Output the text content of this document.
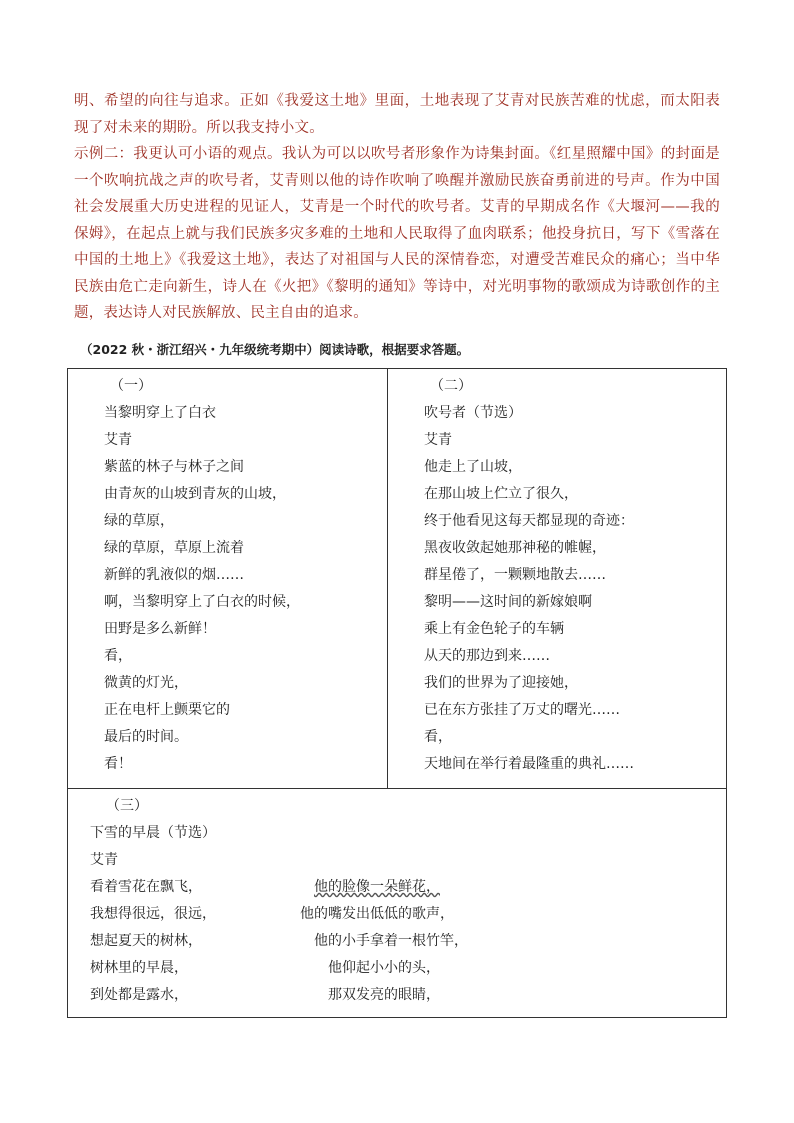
明、希望的向往与追求。正如《我爱这土地》里面，土地表现了艾青对民族苦难的忧虑，而太阳表现了对未来的期盼。所以我支持小文。

示例二：我更认可小语的观点。我认为可以以吹号者形象作为诗集封面。《红星照耀中国》的封面是一个吹响抗战之声的吹号者，艾青则以他的诗作吹响了唤醒并激励民族奋勇前进的号声。作为中国社会发展重大历史进程的见证人，艾青是一个时代的吹号者。艾青的早期成名作《大堰河——我的保姆》，在起点上就与我们民族多灾多难的土地和人民取得了血肉联系；他投身抗日，写下《雪落在中国的土地上》《我爱这土地》，表达了对祖国与人民的深情眷恋，对遭受苦难民众的痛心；当中华民族由危亡走向新生，诗人在《火把》《黎明的通知》等诗中，对光明事物的歌颂成为诗歌创作的主题，表达诗人对民族解放、民主自由的追求。

（2022 秋・浙江绍兴・九年级统考期中）阅读诗歌，根据要求答题。
（一）
当黎明穿上了白衣
艾青
紫蓝的林子与林子之间
由青灰的山坡到青灰的山坡，
绿的草原，
绿的草原，草原上流着
新鲜的乳液似的烟……
啊，当黎明穿上了白衣的时候，
田野是多么新鲜！
看，
微黄的灯光，
正在电杆上颤栗它的
最后的时间。
看！
（二）
吹号者（节选）
艾青
他走上了山坡，
在那山坡上伫立了很久，
终于他看见这每天都显现的奇迹：
黑夜收敛起她那神秘的帷幄，
群星倦了，一颗颗地散去……
黎明——这时间的新嫁娘啊
乘上有金色轮子的车辆
从天的那边到来……
我们的世界为了迎接她，
已在东方张挂了万丈的曙光……
看，
天地间在举行着最隆重的典礼……
（三）
下雪的早晨（节选）
艾青
看着雪花在飘飞，	他的脸像一朵鲜花，
我想得很远，很远，	他的嘴发出低低的歌声，
想起夏天的树林，	他的小手拿着一根竹竿，
树林里的早晨，	他仰起小小的头，
到处都是露水，	那双发亮的眼睛，
